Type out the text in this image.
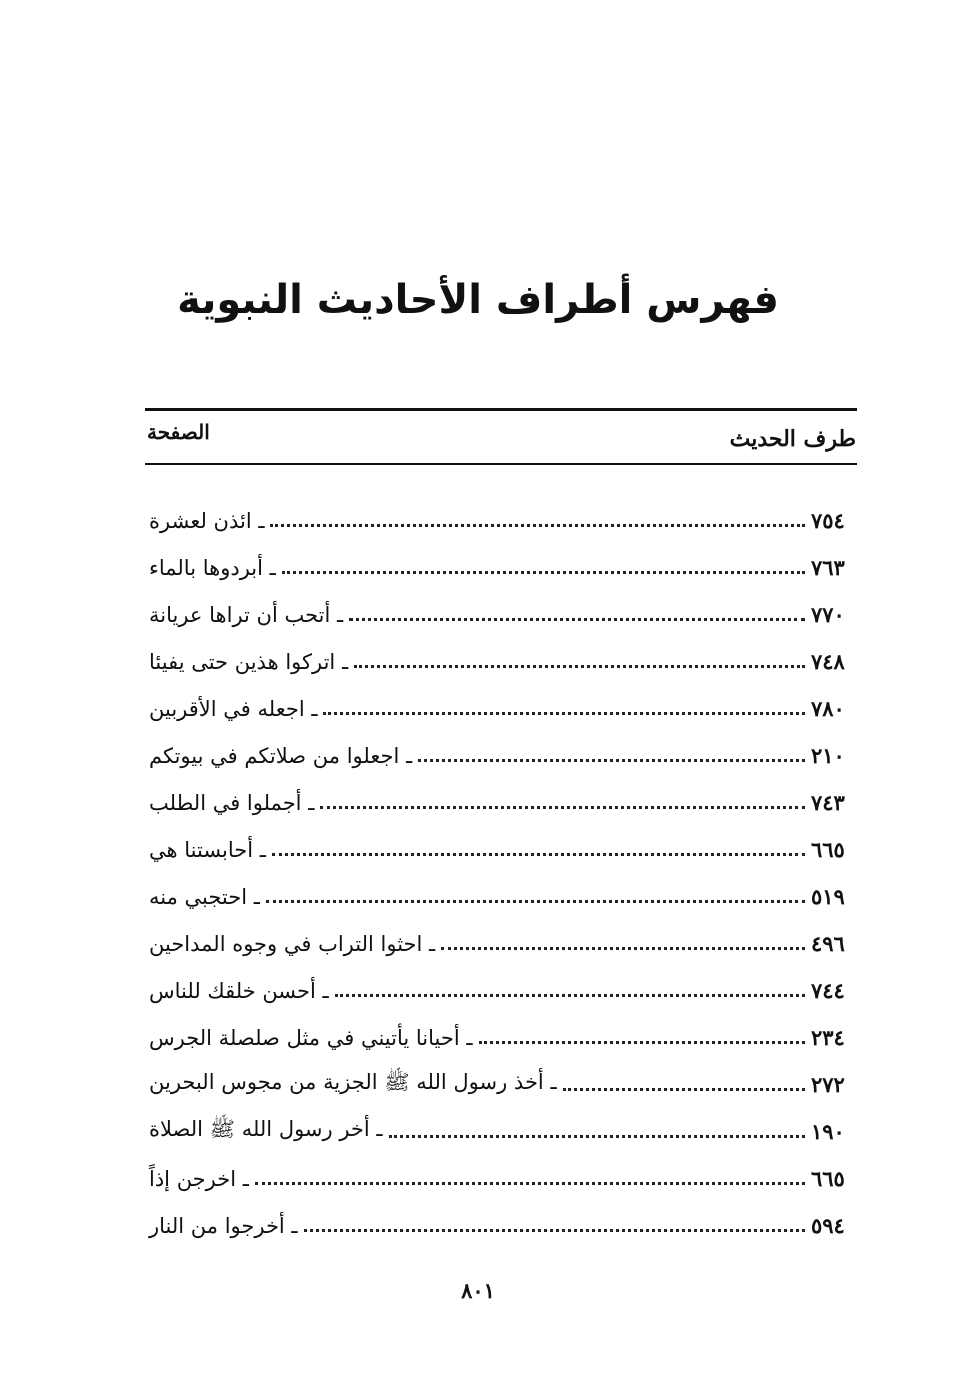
فهرس أطراف الأحاديث النبوية
الصفحة	طرف الحديث
ـ ائذن لعشرة	٧٥٤
ـ أبردوها بالماء	٧٦٣
ـ أتحب أن تراها عريانة	٧٧٠
ـ اتركوا هذين حتى يفيئا	٧٤٨
ـ اجعله في الأقربين	٧٨٠
ـ اجعلوا من صلاتكم في بيوتكم	٢١٠
ـ أجملوا في الطلب	٧٤٣
ـ أحابستنا هي	٦٦٥
ـ احتجبي منه	٥١٩
ـ احثوا التراب في وجوه المداحين	٤٩٦
ـ أحسن خلقك للناس	٧٤٤
ـ أحيانا يأتيني في مثل صلصلة الجرس	٢٣٤
ـ أخذ رسول الله ﷺ الجزية من مجوس البحرين	٢٧٢
ـ أخر رسول الله ﷺ الصلاة	١٩٠
ـ اخرجن إذاً	٦٦٥
ـ أخرجوا من النار	٥٩٤
٨٠١
